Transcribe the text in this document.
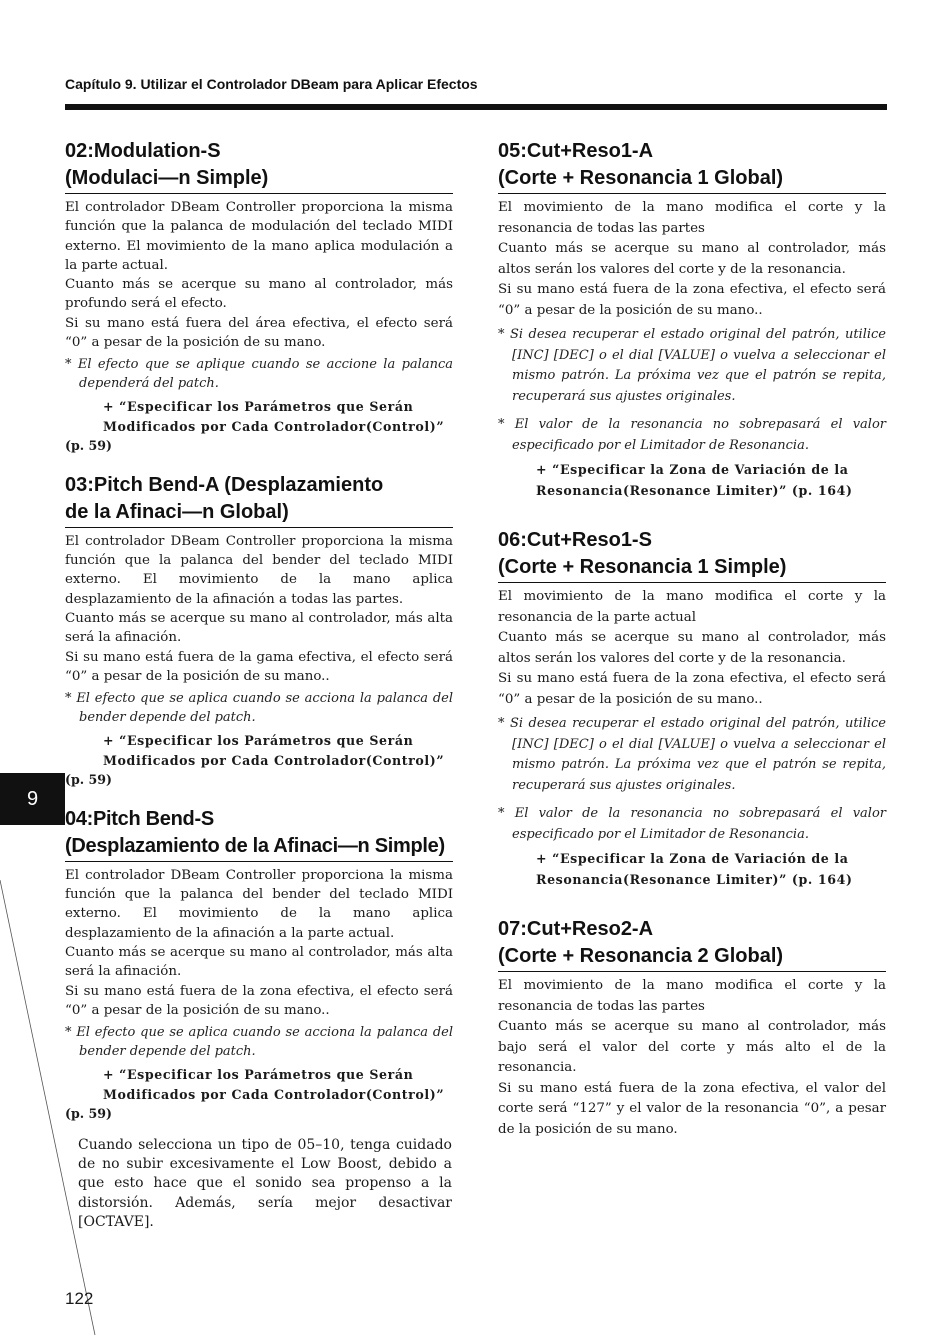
Capítulo 9. Utilizar el Controlador DBeam para Aplicar Efectos
02:Modulation-S
(Modulaci—n Simple)

El controlador DBeam Controller proporciona la misma función que la palanca de modulación del teclado MIDI externo. El movimiento de la mano aplica modulación a la parte actual.

Cuanto más se acerque su mano al controlador, más profundo será el efecto.

Si su mano está fuera del área efectiva, el efecto será “0” a pesar de la posición de su mano.

* El efecto que se aplique cuando se accione la palanca dependerá del patch.

+ “Especificar los Parámetros que Serán Modificados por Cada Controlador(Control)”
(p. 59)

03:Pitch Bend-A (Desplazamiento
de la Afinaci—n Global)

El controlador DBeam Controller proporciona la misma función que la palanca del bender del teclado MIDI externo. El movimiento de la mano aplica desplazamiento de la afinación a todas las partes.

Cuanto más se acerque su mano al controlador, más alta será la afinación.

Si su mano está fuera de la gama efectiva, el efecto será “0” a pesar de la posición de su mano..

* El efecto que se aplica cuando se acciona la palanca del bender depende del patch.

+ “Especificar los Parámetros que Serán Modificados por Cada Controlador(Control)”
(p. 59)

04:Pitch Bend-S
(Desplazamiento de la Afinaci—n Simple)

El controlador DBeam Controller proporciona la misma función que la palanca del bender del teclado MIDI externo. El movimiento de la mano aplica desplazamiento de la afinación a la parte actual.

Cuanto más se acerque su mano al controlador, más alta será la afinación.

Si su mano está fuera de la zona efectiva, el efecto será “0” a pesar de la posición de su mano..

* El efecto que se aplica cuando se acciona la palanca del bender depende del patch.

+ “Especificar los Parámetros que Serán Modificados por Cada Controlador(Control)”
(p. 59)

Cuando selecciona un tipo de 05–10, tenga cuidado de no subir excesivamente el Low Boost, debido a que esto hace que el sonido sea propenso a la distorsión. Además, sería mejor desactivar [OCTAVE].
05:Cut+Reso1-A
(Corte + Resonancia 1 Global)

El movimiento de la mano modifica el corte y la resonancia de todas las partes

Cuanto más se acerque su mano al controlador, más altos serán los valores del corte y de la resonancia.

Si su mano está fuera de la zona efectiva, el efecto será “0” a pesar de la posición de su mano..

* Si desea recuperar el estado original del patrón, utilice [INC] [DEC] o el dial [VALUE] o vuelva a seleccionar el mismo patrón. La próxima vez que el patrón se repita, recuperará sus ajustes originales.

* El valor de la resonancia no sobrepasará el valor especificado por el Limitador de Resonancia.

+ “Especificar la Zona de Variación de la Resonancia(Resonance Limiter)” (p. 164)

06:Cut+Reso1-S
(Corte + Resonancia 1 Simple)

El movimiento de la mano modifica el corte y la resonancia de la parte actual

Cuanto más se acerque su mano al controlador, más altos serán los valores del corte y de la resonancia.

Si su mano está fuera de la zona efectiva, el efecto será “0” a pesar de la posición de su mano..

* Si desea recuperar el estado original del patrón, utilice [INC] [DEC] o el dial [VALUE] o vuelva a seleccionar el mismo patrón. La próxima vez que el patrón se repita, recuperará sus ajustes originales.

* El valor de la resonancia no sobrepasará el valor especificado por el Limitador de Resonancia.

+ “Especificar la Zona de Variación de la Resonancia(Resonance Limiter)” (p. 164)

07:Cut+Reso2-A
(Corte + Resonancia 2 Global)

El movimiento de la mano modifica el corte y la resonancia de todas las partes

Cuanto más se acerque su mano al controlador, más bajo será el valor del corte y más alto el de la resonancia.

Si su mano está fuera de la zona efectiva, el valor del corte será “127” y el valor de la resonancia “0”, a pesar de la posición de su mano.

9
122
